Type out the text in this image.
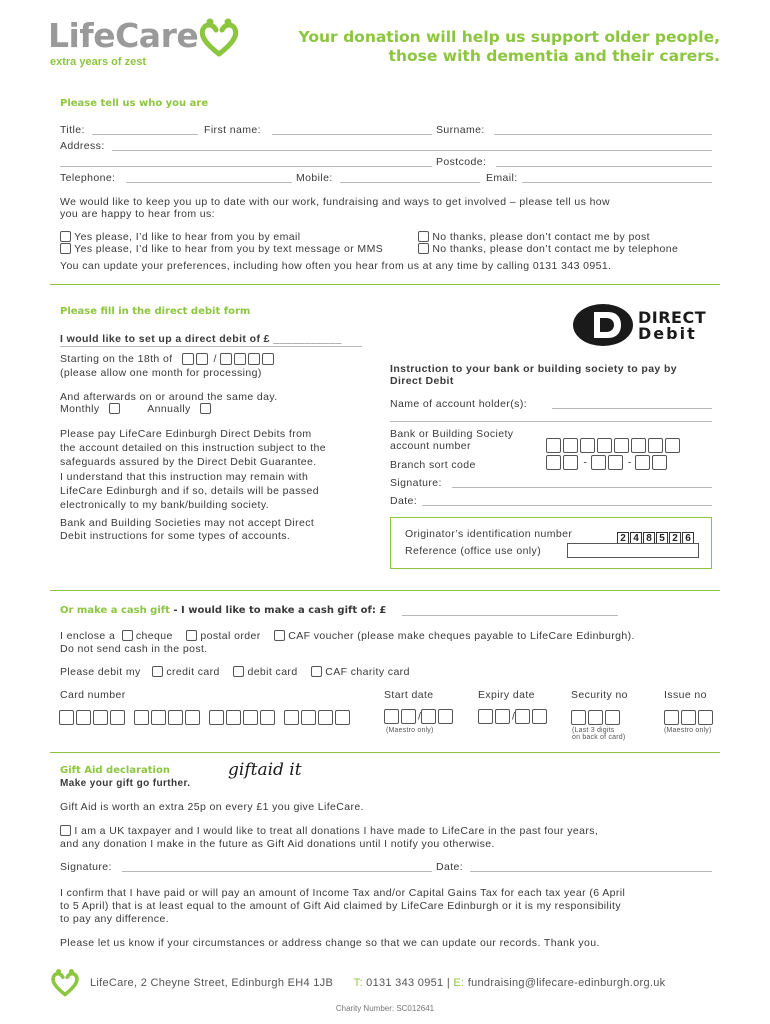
LifeCare
extra years of zest
Your donation will help us support older people,
those with dementia and their carers.
Please tell us who you are
Title:	First name:	Surname:
Address:
Postcode:
Telephone:	Mobile:	Email:
We would like to keep you up to date with our work, fundraising and ways to get involved – please tell us how
you are happy to hear from us:
Yes please, I’d like to hear from you by email
Yes please, I’d like to hear from you by text message or MMS
No thanks, please don’t contact me by post
No thanks, please don’t contact me by telephone
You can update your preferences, including how often you hear from us at any time by calling 0131 343 0951.
Please fill in the direct debit form	DIRECT
Debit
I would like to set up a direct debit of £ ___________
Starting on the 18th of	/
(please allow one month for processing)
And afterwards on or around the same day.
Monthly	Annually
Please pay LifeCare Edinburgh Direct Debits from
the account detailed on this instruction subject to the
safeguards assured by the Direct Debit Guarantee.
I understand that this instruction may remain with
LifeCare Edinburgh and if so, details will be passed
electronically to my bank/building society.
Bank and Building Societies may not accept Direct
Debit instructions for some types of accounts.
Instruction to your bank or building society to pay by
Direct Debit
Name of account holder(s):
Bank or Building Society
account number
Branch sort code	-	-
Signature:
Date:
Originator’s identification number	2 4 8 5 2 6
Reference (office use only)
Or make a cash gift - I would like to make a cash gift of: £
I enclose a cheque	postal order	CAF voucher (please make cheques payable to LifeCare Edinburgh).
Do not send cash in the post.
Please debit my credit card	debit card	CAF charity card
Card number	Start date	Expiry date	Security no	Issue no
/	/
(Maestro only)	(Last 3 digits
on back of card)
(Maestro only)
Gift Aid declaration
Make your gift go further.
giftaid it
Gift Aid is worth an extra 25p on every £1 you give LifeCare.
I am a UK taxpayer and I would like to treat all donations I have made to LifeCare in the past four years,
and any donation I make in the future as Gift Aid donations until I notify you otherwise.
Signature:	Date:
I confirm that I have paid or will pay an amount of Income Tax and/or Capital Gains Tax for each tax year (6 April
to 5 April) that is at least equal to the amount of Gift Aid claimed by LifeCare Edinburgh or it is my responsibility
to pay any difference.
Please let us know if your circumstances or address change so that we can update our records. Thank you.
LifeCare, 2 Cheyne Street, Edinburgh EH4 1JB T: 0131 343 0951 | E: fundraising@lifecare-edinburgh.org.uk
Charity Number: SC012641
